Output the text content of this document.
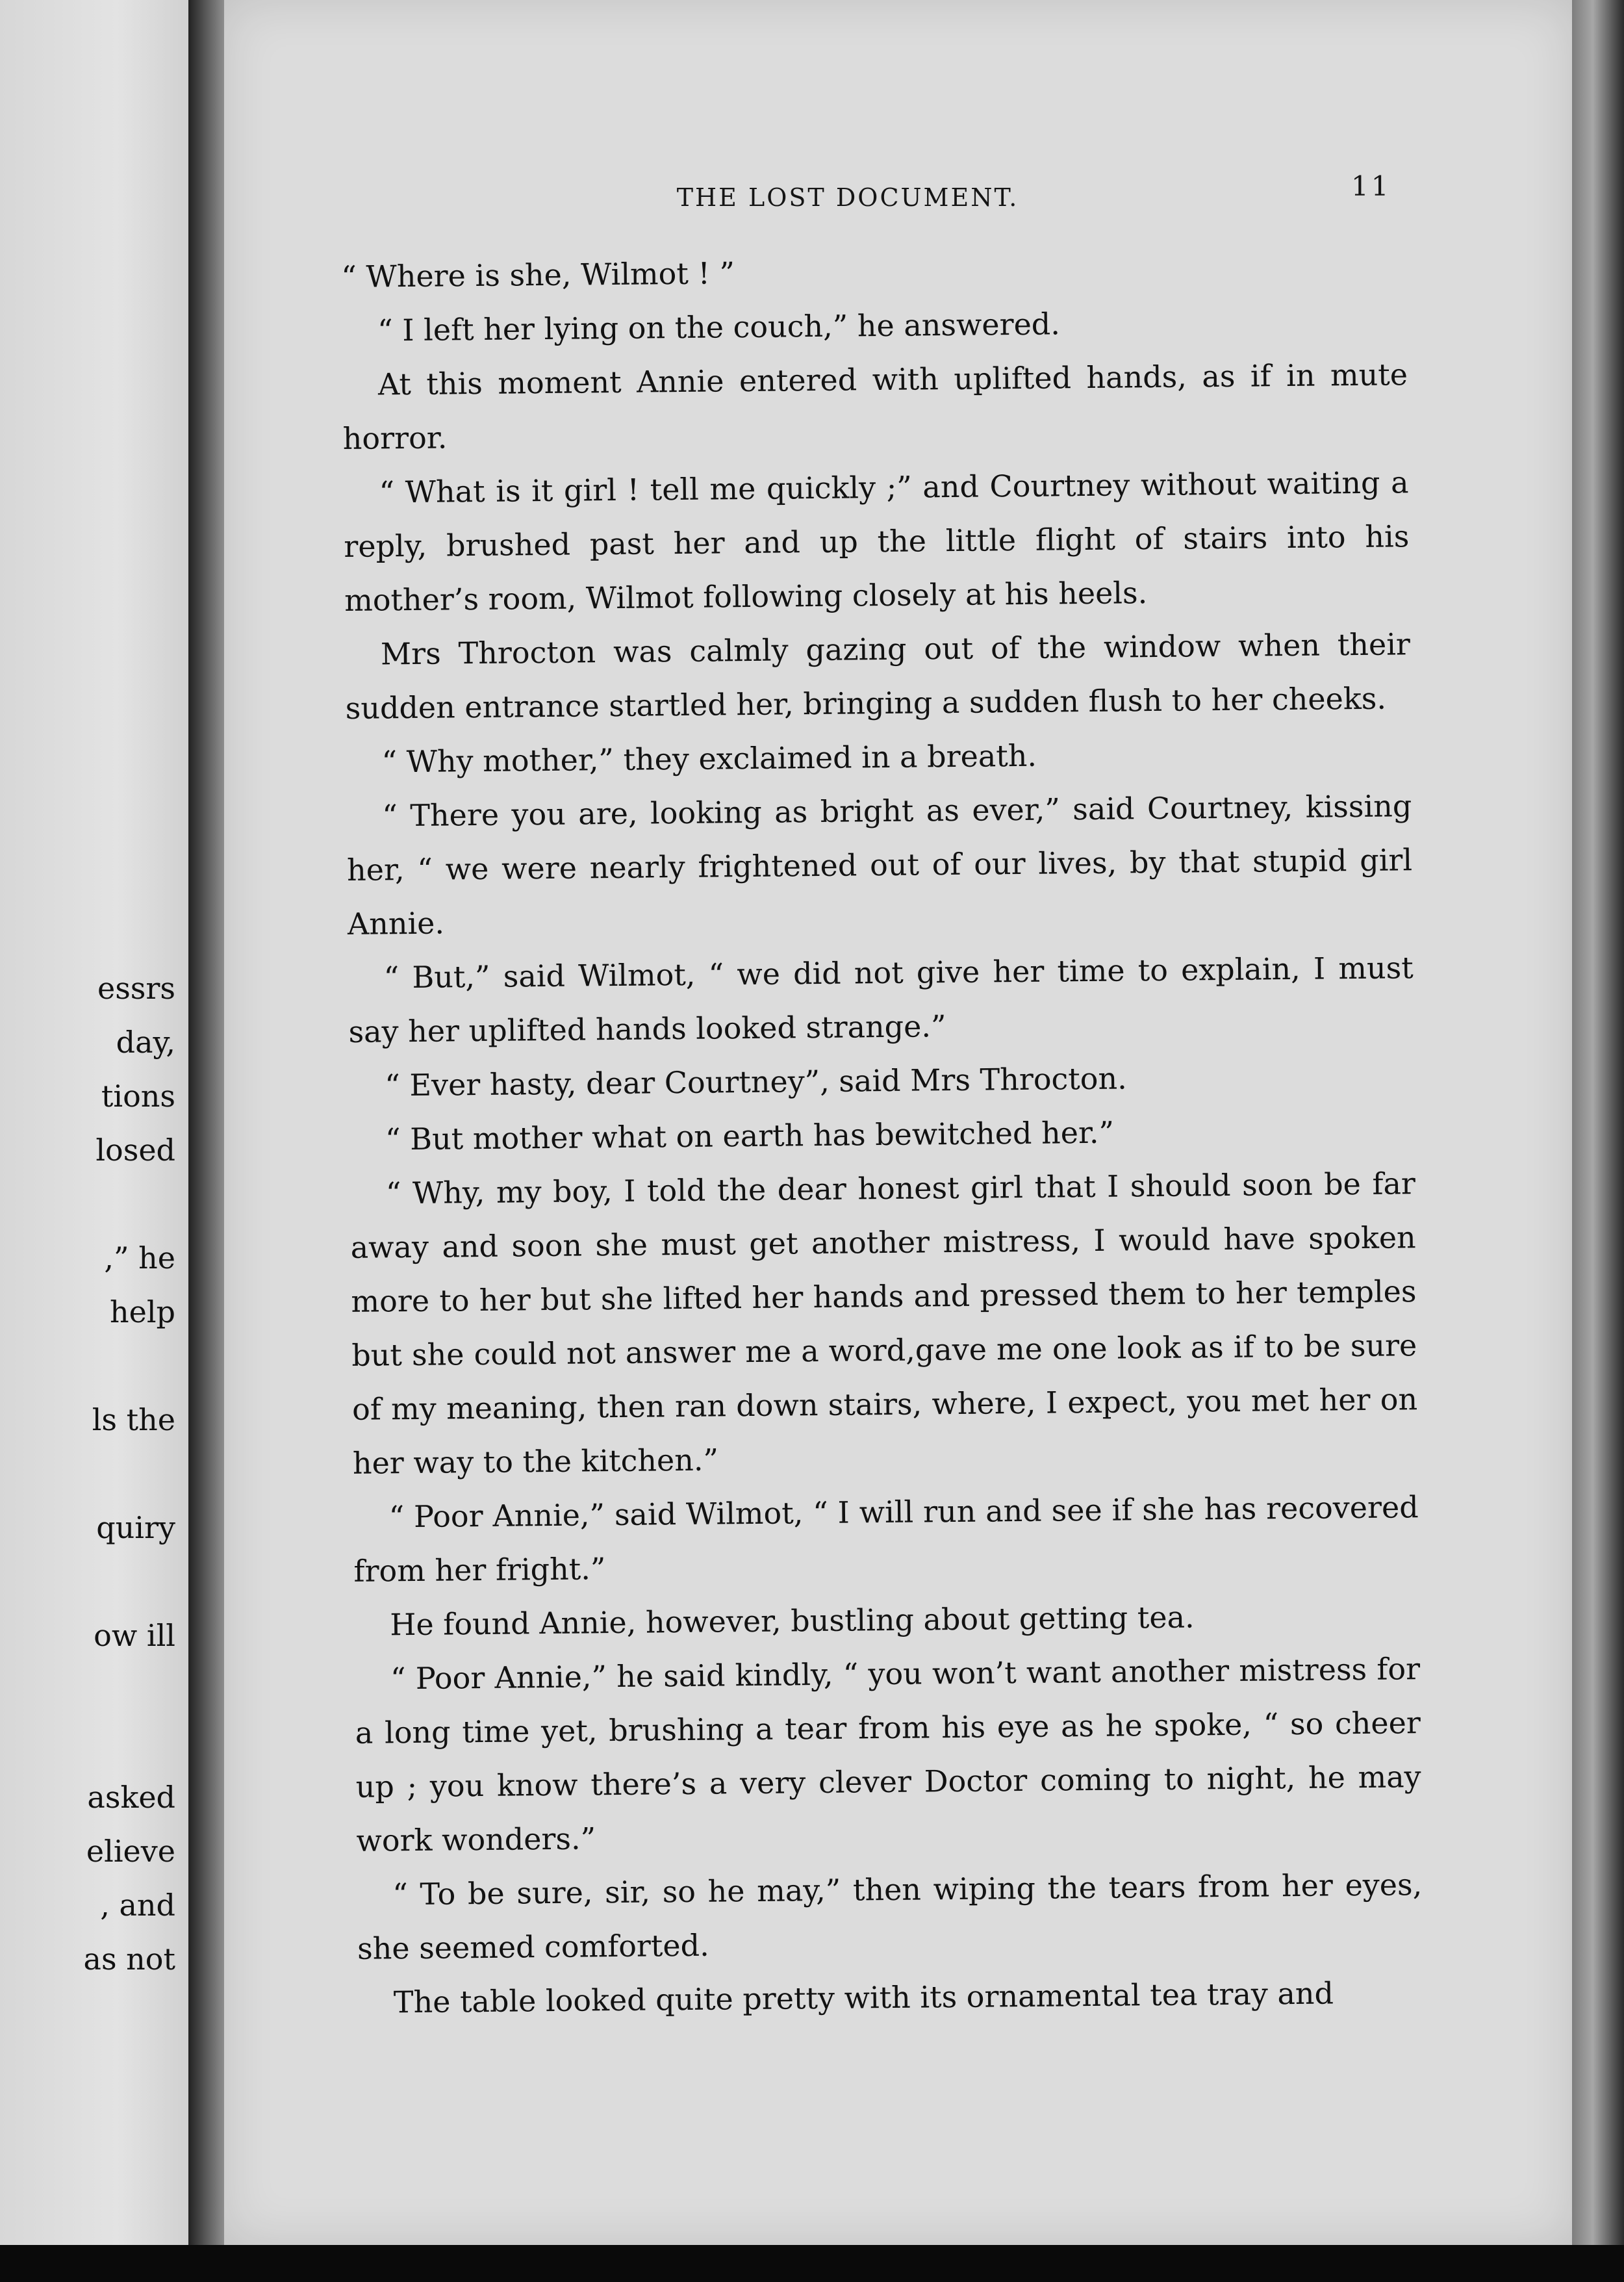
essrs
day,
tions
losed

,” he
help

ls the

quiry

ow ill

asked
elieve
, and
as not
THE LOST DOCUMENT.	11

“ Where is she, Wilmot ! ”

“ I left her lying on the couch,” he answered.

At this moment Annie entered with uplifted hands, as if in mute horror.

“ What is it girl ! tell me quickly ;” and Courtney without waiting a reply, brushed past her and up the little flight of stairs into his mother’s room, Wilmot following closely at his heels.

Mrs Throcton was calmly gazing out of the window when their sudden entrance startled her, bringing a sudden flush to her cheeks.

“ Why mother,” they exclaimed in a breath.

“ There you are, looking as bright as ever,” said Courtney, kissing her, “ we were nearly frightened out of our lives, by that stupid girl Annie.

“ But,” said Wilmot, “ we did not give her time to explain, I must say her uplifted hands looked strange.”

“ Ever hasty, dear Courtney”, said Mrs Throcton.

“ But mother what on earth has bewitched her.”

“ Why, my boy, I told the dear honest girl that I should soon be far away and soon she must get another mistress, I would have spoken more to her but she lifted her hands and pressed them to her temples but she could not answer me a word,gave me one look as if to be sure of my meaning, then ran down stairs, where, I expect, you met her on her way to the kitchen.”

“ Poor Annie,” said Wilmot, “ I will run and see if she has recovered from her fright.”

He found Annie, however, bustling about getting tea.

“ Poor Annie,” he said kindly, “ you won’t want another mistress for a long time yet, brushing a tear from his eye as he spoke, “ so cheer up ; you know there’s a very clever Doctor coming to night, he may work wonders.”

“ To be sure, sir, so he may,” then wiping the tears from her eyes, she seemed comforted.

The table looked quite pretty with its ornamental tea tray and
